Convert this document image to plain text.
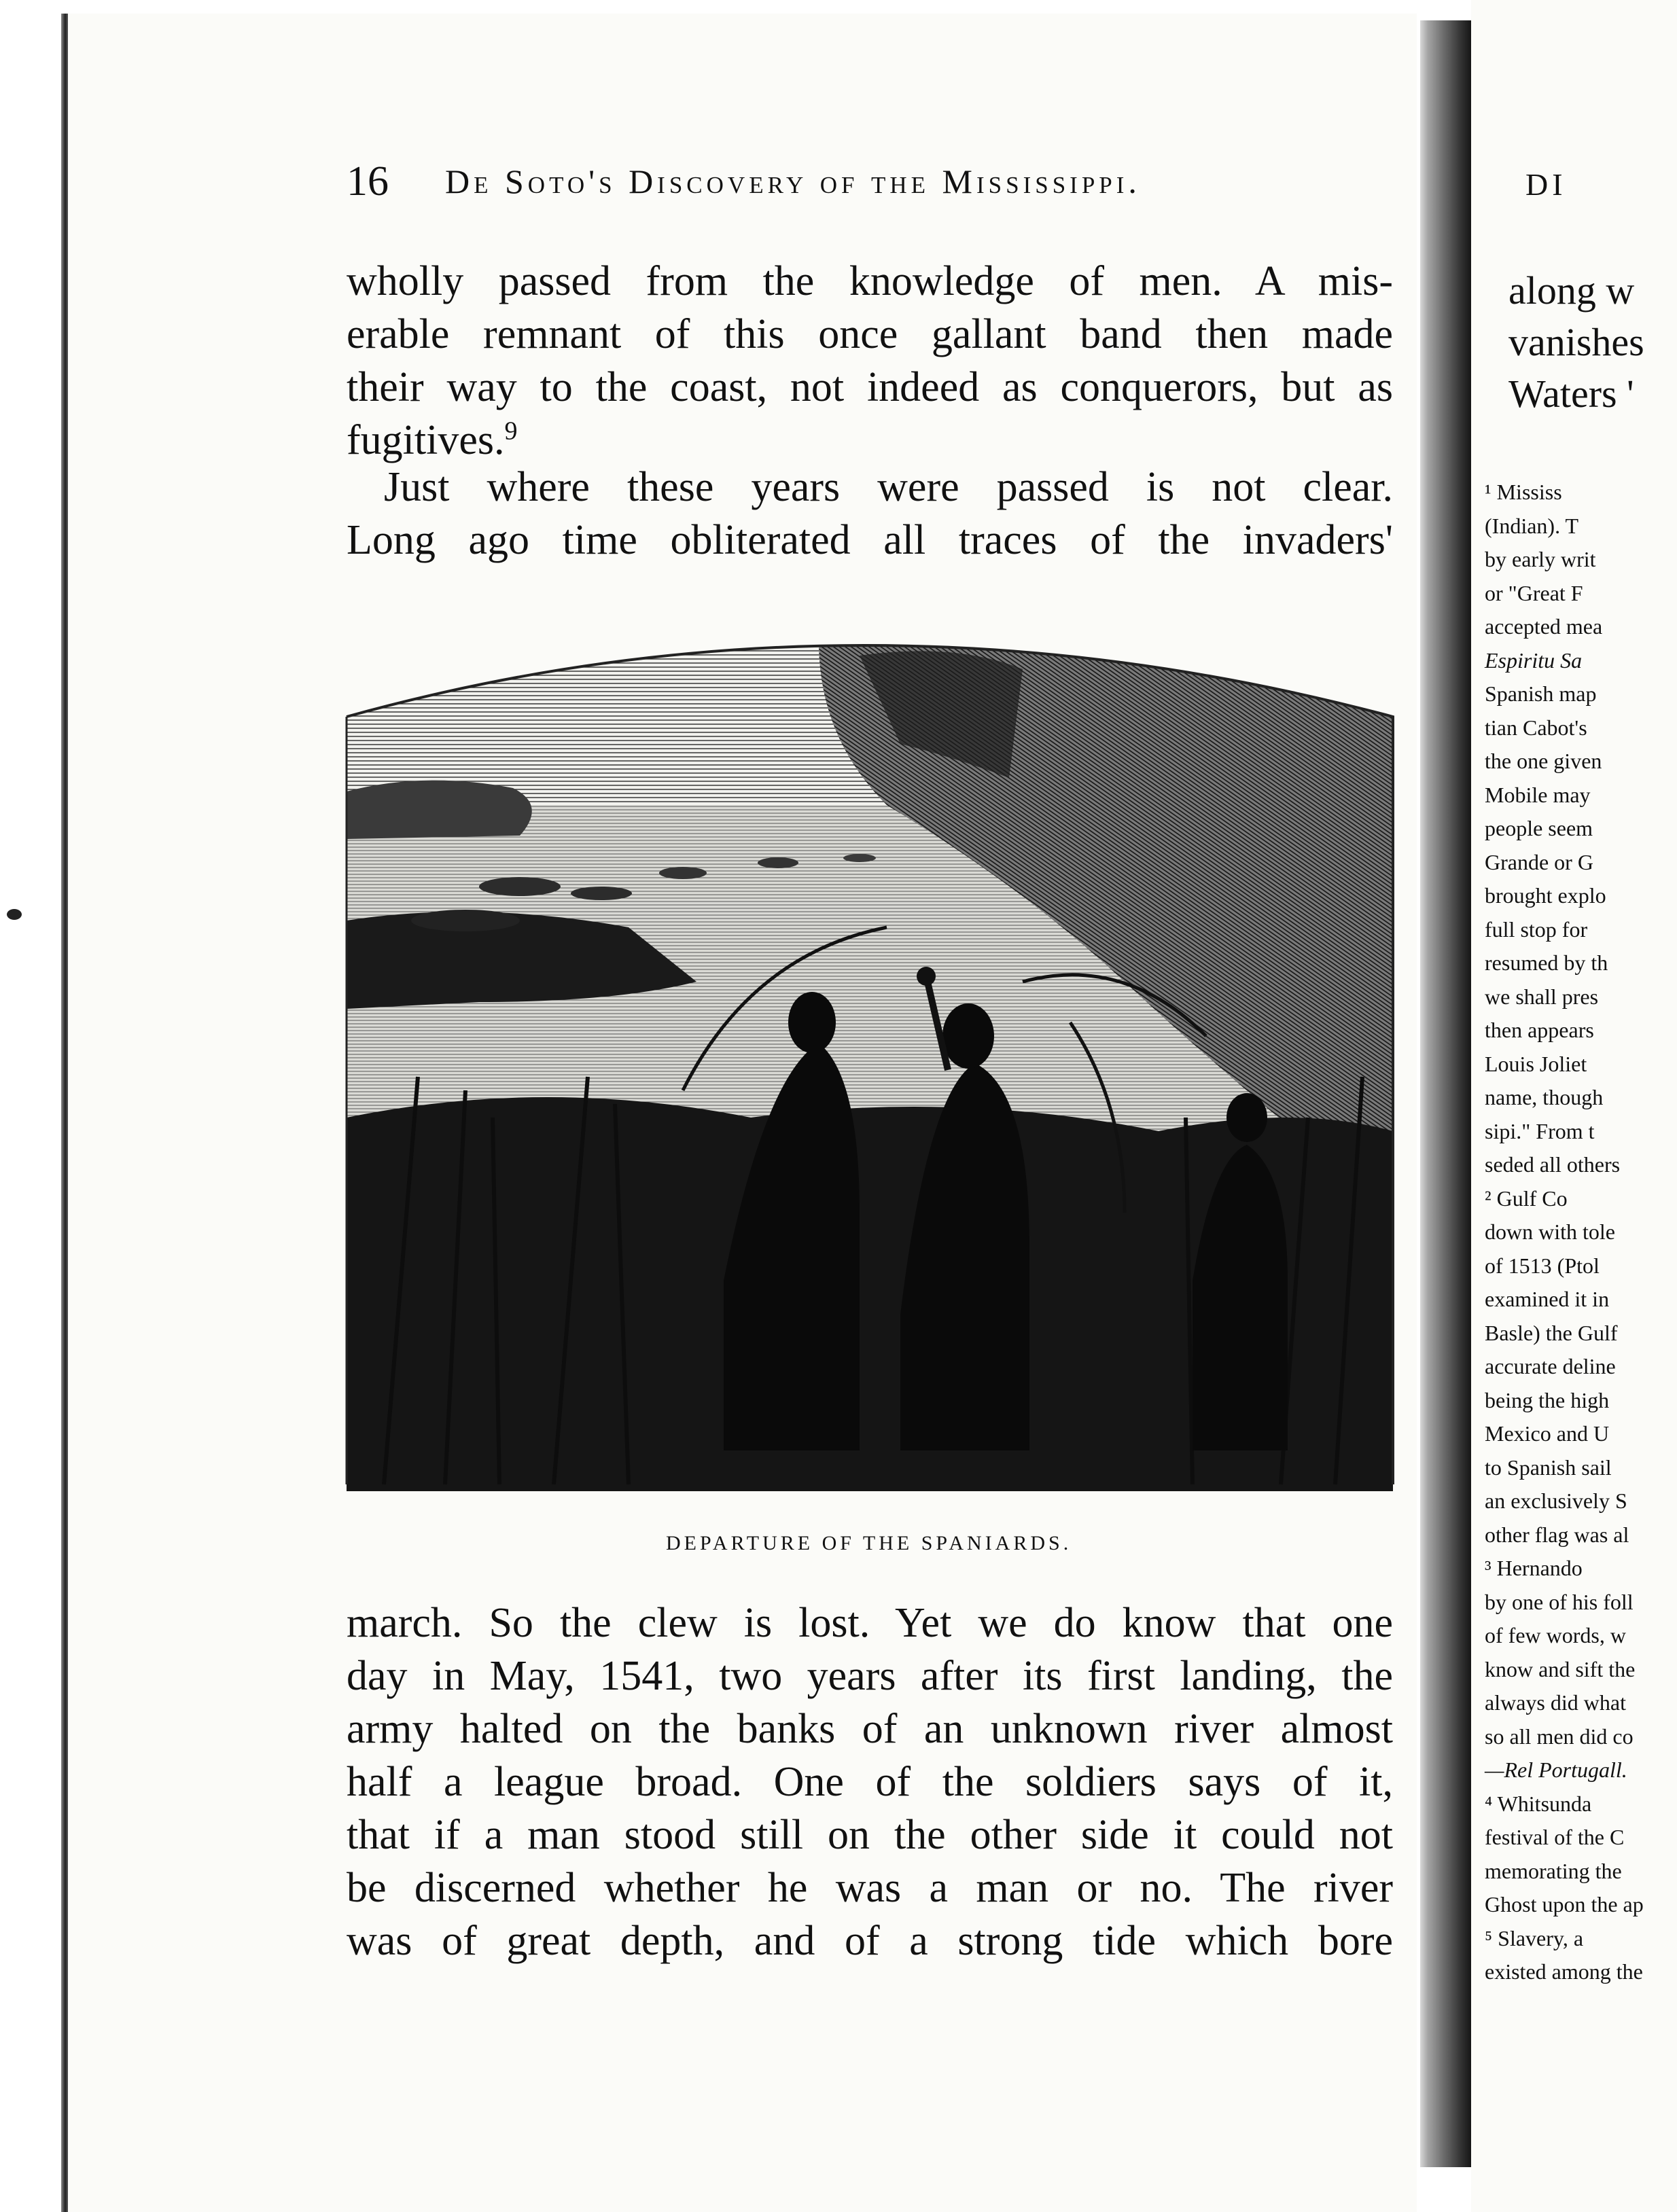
16 De Soto's Discovery of the Mississippi.
wholly passed from the knowledge of men. A mis-
erable remnant of this once gallant band then made
their way to the coast, not indeed as conquerors, but as
fugitives.$^9$
Just where these years were passed is not clear.
Long ago time obliterated all traces of the invaders'
DEPARTURE OF THE SPANIARDS.
march. So the clew is lost. Yet we do know that one
day in May, 1541, two years after its first landing, the
army halted on the banks of an unknown river almost
half a league broad. One of the soldiers says of it,
that if a man stood still on the other side it could not
be discerned whether he was a man or no. The river
was of great depth, and of a strong tide which bore
DI
along w
vanishes
Waters '
¹ Mississ
(Indian). T
by early writ
or "Great F
accepted mea
Espiritu Sa
Spanish map
tian Cabot's
the one given
Mobile may
people seem
Grande or G
brought explo
full stop for
resumed by th
we shall pres
then appears
Louis Joliet
name, though
sipi." From t
seded all others
² Gulf Co
down with tole
of 1513 (Ptol
examined it in
Basle) the Gulf
accurate deline
being the high
Mexico and U
to Spanish sail
an exclusively S
other flag was al
³ Hernando
by one of his foll
of few words, w
know and sift the
always did what
so all men did co
—Rel Portugall.
⁴ Whitsunda
festival of the C
memorating the
Ghost upon the ap
⁵ Slavery, a
existed among the
